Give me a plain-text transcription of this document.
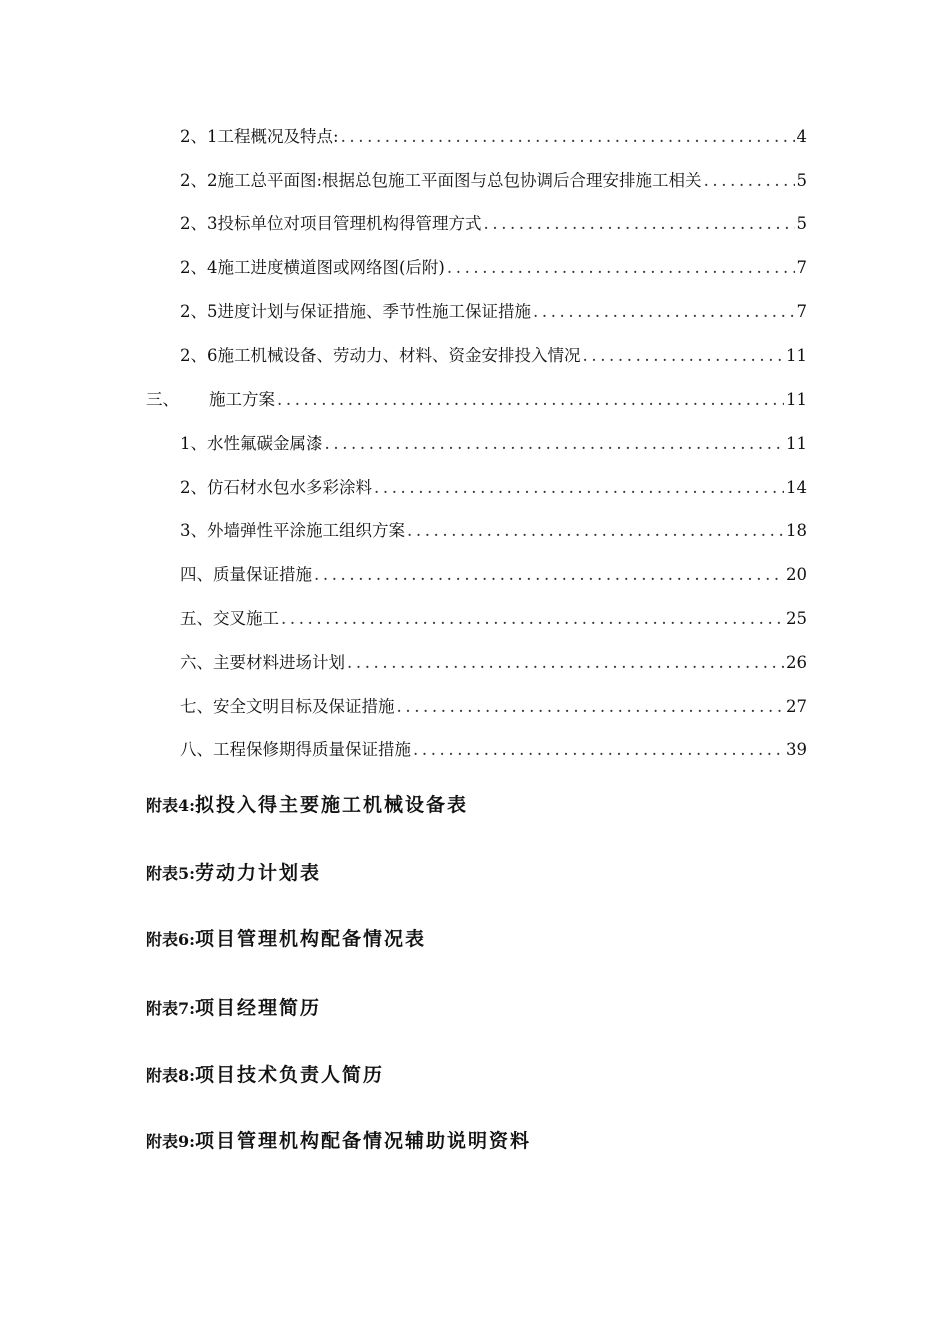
2、1工程概况及特点: .....	4
2、2施工总平面图:根据总包施工平面图与总包协调后合理安排施工相关 .....	5
2、3投标单位对项目管理机构得管理方式 .....	5
2、4施工进度横道图或网络图(后附) .....	7
2、5进度计划与保证措施、季节性施工保证措施 .....	7
2、6施工机械设备、劳动力、材料、资金安排投入情况 .....	11
三、 施工方案 .....	11
1、水性氟碳金属漆 .....	11
2、仿石材水包水多彩涂料 .....	14
3、外墙弹性平涂施工组织方案 .....	18
四、质量保证措施 .....	20
五、交叉施工 .....	25
六、主要材料进场计划 .....	26
七、安全文明目标及保证措施 .....	27
八、工程保修期得质量保证措施 .....	39
附表4:拟投入得主要施工机械设备表
附表5:劳动力计划表
附表6:项目管理机构配备情况表
附表7:项目经理简历
附表8:项目技术负责人简历
附表9:项目管理机构配备情况辅助说明资料
